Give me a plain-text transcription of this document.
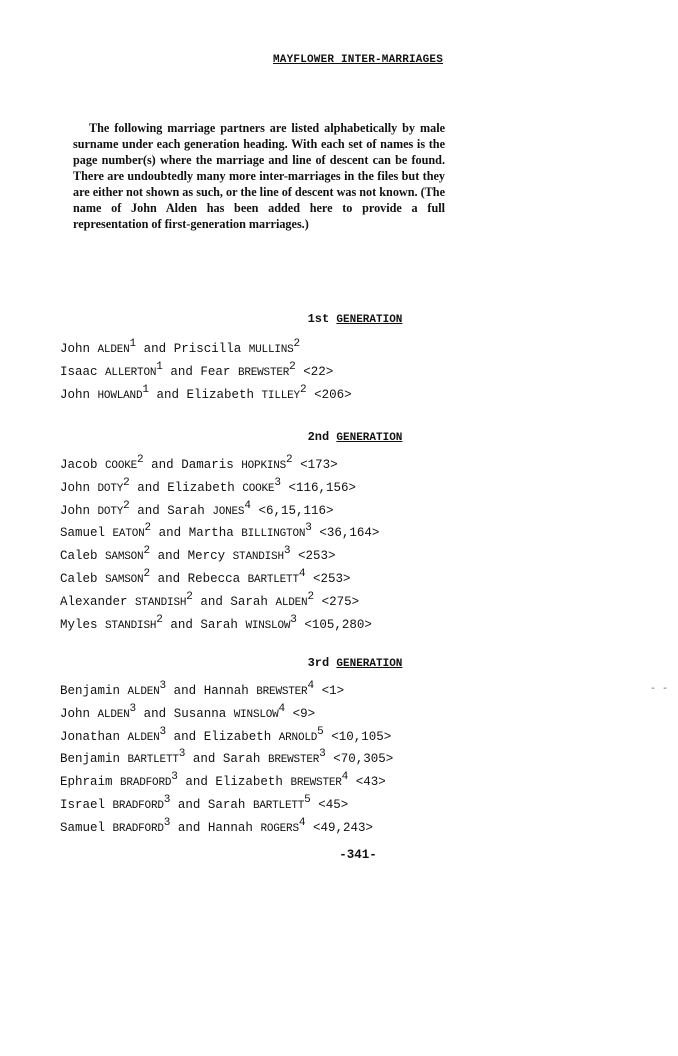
MAYFLOWER INTER-MARRIAGES

The following marriage partners are listed alphabetically by male surname under each generation heading. With each set of names is the page number(s) where the marriage and line of descent can be found. There are undoubtedly many more inter-marriages in the files but they are either not shown as such, or the line of descent was not known. (The name of John Alden has been added here to provide a full representation of first-generation marriages.)

1st GENERATION
John ALDEN$^1$ and Priscilla MULLINS$^2$
Isaac ALLERTON$^1$ and Fear $BREWSTER^2 <22>$
John HOWLAND$^1$ and Elizabeth $TILLEY^2 <206>$
2nd GENERATION
Jacob COOKE$^2$ and Damaris $HOPKINS^2 <173>$
John DOTY$^2$ and Elizabeth $COOKE^3 <116,156>$
John DOTY$^2$ and Sarah $JONES^4 <6,15,116>$
Samuel EATON$^2$ and Martha $BILLINGTON^3 <36,164>$
Caleb SAMSON$^2$ and Mercy $STANDISH^3 <253>$
Caleb SAMSON$^2$ and Rebecca $BARTLETT^4 <253>$
Alexander STANDISH$^2$ and Sarah $ALDEN^2 <275>$
Myles STANDISH$^2$ and Sarah $WINSLOW^3 <105,280>$
3rd GENERATION
Benjamin ALDEN$^3$ and Hannah $BREWSTER^4 <1>$
John ALDEN$^3$ and Susanna $WINSLOW^4 <9>$
Jonathan ALDEN$^3$ and Elizabeth $ARNOLD^5 <10,105>$
Benjamin BARTLETT$^3$ and Sarah $BREWSTER^3 <70,305>$
Ephraim BRADFORD$^3$ and Elizabeth $BREWSTER^4 <43>$
Israel BRADFORD$^3$ and Sarah $BARTLETT^5 <45>$
Samuel BRADFORD$^3$ and Hannah $ROGERS^4 <49,243>$
-341-
- -
